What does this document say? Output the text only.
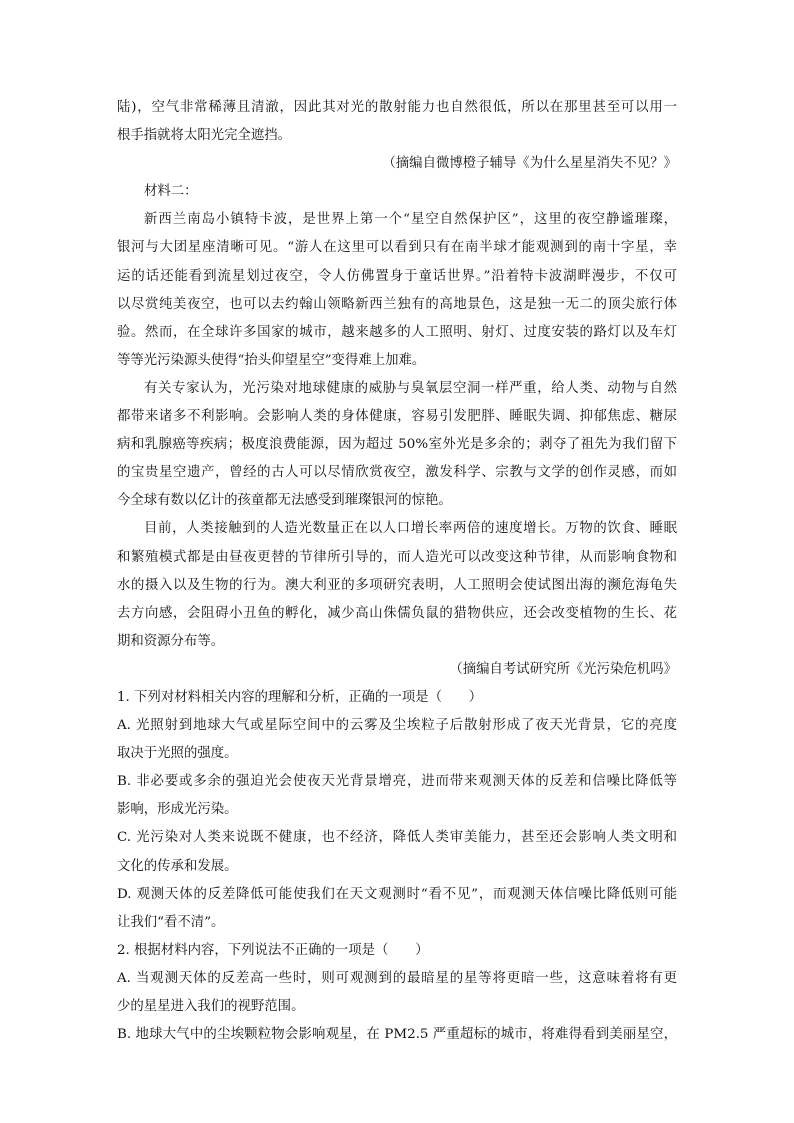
陆)，空气非常稀薄且清澈，因此其对光的散射能力也自然很低，所以在那里甚至可以用一
根手指就将太阳光完全遮挡。
（摘编自微博橙子辅导《为什么星星消失不见？》
材料二：
新西兰南岛小镇特卡波，是世界上第一个“星空自然保护区”，这里的夜空静谧璀璨，
银河与大团星座清晰可见。“游人在这里可以看到只有在南半球才能观测到的南十字星，幸
运的话还能看到流星划过夜空，令人仿佛置身于童话世界。”沿着特卡波湖畔漫步，不仅可
以尽赏纯美夜空，也可以去约翰山领略新西兰独有的高地景色，这是独一无二的顶尖旅行体
验。然而，在全球许多国家的城市，越来越多的人工照明、射灯、过度安装的路灯以及车灯
等等光污染源头使得“抬头仰望星空”变得难上加难。
有关专家认为，光污染对地球健康的威胁与臭氧层空洞一样严重，给人类、动物与自然
都带来诸多不利影响。会影响人类的身体健康，容易引发肥胖、睡眠失调、抑郁焦虑、糖尿
病和乳腺癌等疾病；极度浪费能源，因为超过 50%室外光是多余的；剥夺了祖先为我们留下
的宝贵星空遗产，曾经的古人可以尽情欣赏夜空，激发科学、宗教与文学的创作灵感，而如
今全球有数以亿计的孩童都无法感受到璀璨银河的惊艳。
目前，人类接触到的人造光数量正在以人口增长率两倍的速度增长。万物的饮食、睡眠
和繁殖模式都是由昼夜更替的节律所引导的，而人造光可以改变这种节律，从而影响食物和
水的摄入以及生物的行为。澳大利亚的多项研究表明，人工照明会使试图出海的濒危海龟失
去方向感，会阻碍小丑鱼的孵化，减少高山侏儒负鼠的猎物供应，还会改变植物的生长、花
期和资源分布等。
（摘编自考试研究所《光污染危机吗》
1. 下列对材料相关内容的理解和分析，正确的一项是（　　）
A. 光照射到地球大气或星际空间中的云雾及尘埃粒子后散射形成了夜天光背景，它的亮度
取决于光照的强度。
B. 非必要或多余的强迫光会使夜天光背景增亮，进而带来观测天体的反差和信噪比降低等
影响，形成光污染。
C. 光污染对人类来说既不健康，也不经济，降低人类审美能力，甚至还会影响人类文明和
文化的传承和发展。
D. 观测天体的反差降低可能使我们在天文观测时“看不见”，而观测天体信噪比降低则可能
让我们“看不清”。
2. 根据材料内容，下列说法不正确的一项是（　　）
A. 当观测天体的反差高一些时，则可观测到的最暗星的星等将更暗一些，这意味着将有更
少的星星进入我们的视野范围。
B. 地球大气中的尘埃颗粒物会影响观星，在 PM2.5 严重超标的城市，将难得看到美丽星空，
